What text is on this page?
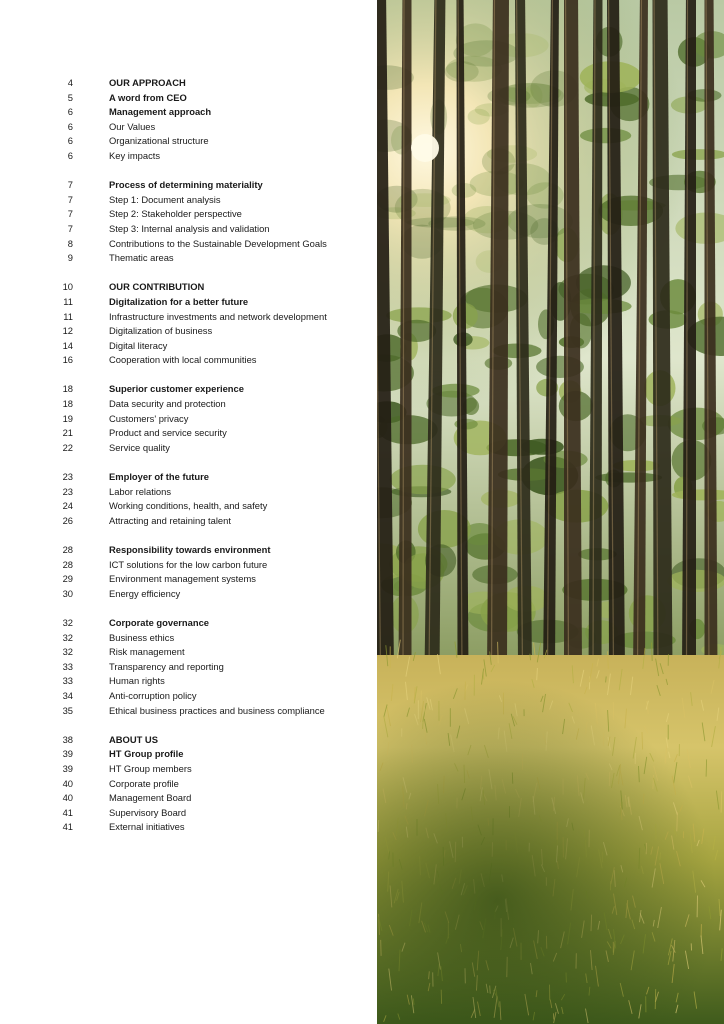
4	OUR APPROACH
5	A word from CEO
6	Management approach
6	Our Values
6	Organizational structure
6	Key impacts
7	Process of determining materiality
7	Step 1: Document analysis
7	Step 2: Stakeholder perspective
7	Step 3: Internal analysis and validation
8	Contributions to the Sustainable Development Goals
9	Thematic areas
10	OUR CONTRIBUTION
11	Digitalization for a better future
11	Infrastructure investments and network development
12	Digitalization of business
14	Digital literacy
16	Cooperation with local communities
18	Superior customer experience
18	Data security and protection
19	Customers' privacy
21	Product and service security
22	Service quality
23	Employer of the future
23	Labor relations
24	Working conditions, health, and safety
26	Attracting and retaining talent
28	Responsibility towards environment
28	ICT solutions for the low carbon future
29	Environment management systems
30	Energy efficiency
32	Corporate governance
32	Business ethics
32	Risk management
33	Transparency and reporting
33	Human rights
34	Anti-corruption policy
35	Ethical business practices and business compliance
38	ABOUT US
39	HT Group profile
39	HT Group members
40	Corporate profile
40	Management Board
41	Supervisory Board
41	External initiatives
